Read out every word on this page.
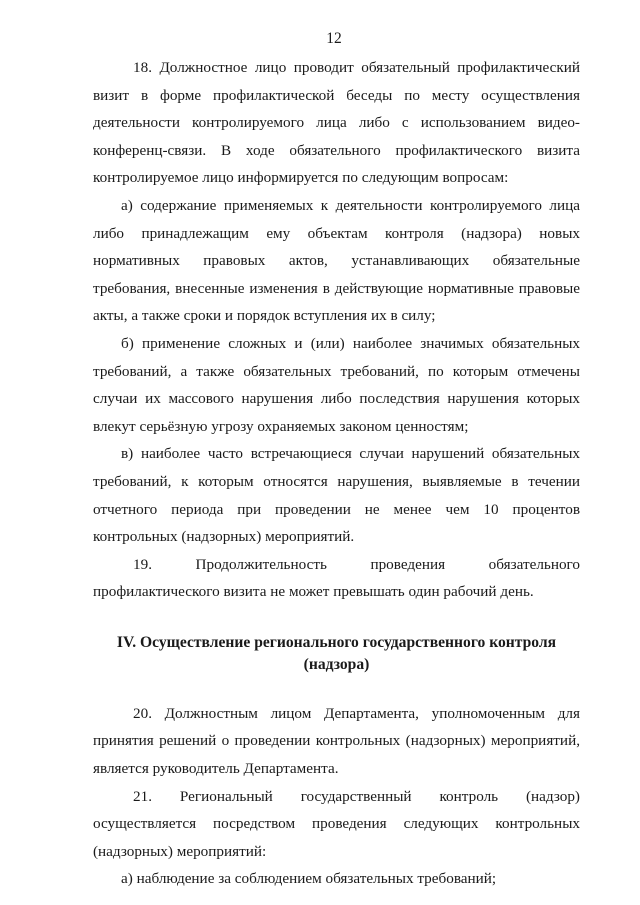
12

18. Должностное лицо проводит обязательный профилактический визит в форме профилактической беседы по месту осуществления деятельности контролируемого лица либо с использованием видео-конференц-связи. В ходе обязательного профилактического визита контролируемое лицо информируется по следующим вопросам:

а) содержание применяемых к деятельности контролируемого лица либо принадлежащим ему объектам контроля (надзора) новых нормативных правовых актов, устанавливающих обязательные требования, внесенные изменения в действующие нормативные правовые акты, а также сроки и порядок вступления их в силу;

б) применение сложных и (или) наиболее значимых обязательных требований, а также обязательных требований, по которым отмечены случаи их массового нарушения либо последствия нарушения которых влекут серьёзную угрозу охраняемых законом ценностям;

в) наиболее часто встречающиеся случаи нарушений обязательных требований, к которым относятся нарушения, выявляемые в течении отчетного периода при проведении не менее чем 10 процентов контрольных (надзорных) мероприятий.

19. Продолжительность проведения обязательного профилактического визита не может превышать один рабочий день.

IV. Осуществление регионального государственного контроля
(надзора)

20. Должностным лицом Департамента, уполномоченным для принятия решений о проведении контрольных (надзорных) мероприятий, является руководитель Департамента.

21. Региональный государственный контроль (надзор) осуществляется посредством проведения следующих контрольных (надзорных) мероприятий:

а) наблюдение за соблюдением обязательных требований;
